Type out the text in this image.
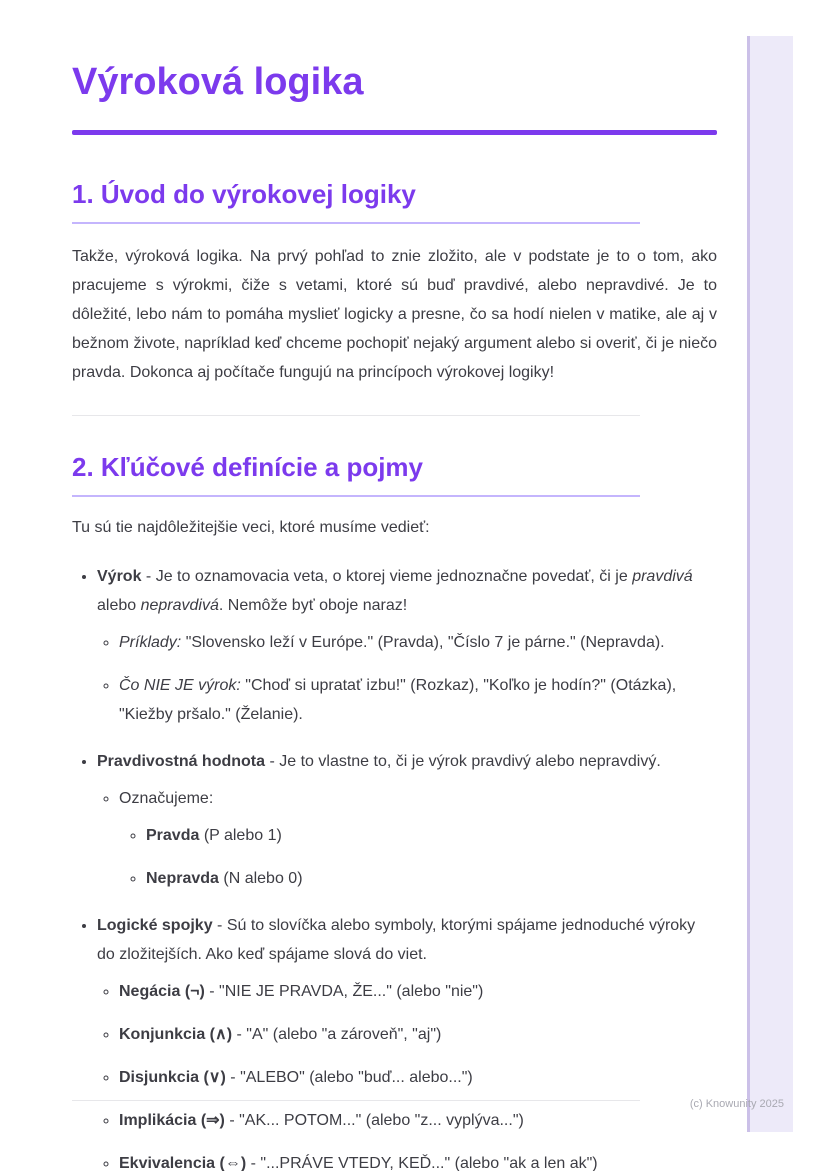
Výroková logika
1. Úvod do výrokovej logiky

Takže, výroková logika. Na prvý pohľad to znie zložito, ale v podstate je to o tom, ako pracujeme s výrokmi, čiže s vetami, ktoré sú buď pravdivé, alebo nepravdivé. Je to dôležité, lebo nám to pomáha myslieť logicky a presne, čo sa hodí nielen v matike, ale aj v bežnom živote, napríklad keď chceme pochopiť nejaký argument alebo si overiť, či je niečo pravda. Dokonca aj počítače fungujú na princípoch výrokovej logiky!

2. Kľúčové definície a pojmy

Tu sú tie najdôležitejšie veci, ktoré musíme vedieť:

• Výrok - Je to oznamovacia veta, o ktorej vieme jednoznačne povedať, či je pravdivá alebo nepravdivá. Nemôže byť oboje naraz!
◦ Príklady: "Slovensko leží v Európe." (Pravda), "Číslo 7 je párne." (Nepravda).
◦ Čo NIE JE výrok: "Choď si upratať izbu!" (Rozkaz), "Koľko je hodín?" (Otázka), "Kiežby pršalo." (Želanie).
• Pravdivostná hodnota - Je to vlastne to, či je výrok pravdivý alebo nepravdivý.
◦ Označujeme:
◦ Pravda (P alebo 1)
◦ Nepravda (N alebo 0)
• Logické spojky - Sú to slovíčka alebo symboly, ktorými spájame jednoduché výroky do zložitejších. Ako keď spájame slová do viet.
◦ Negácia (¬) - "NIE JE PRAVDA, ŽE..." (alebo "nie")
◦ Konjunkcia (∧) - "A" (alebo "a zároveň", "aj")
◦ Disjunkcia (∨) - "ALEBO" (alebo "buď... alebo...")
◦ Implikácia (⇒) - "AK... POTOM..." (alebo "z... vyplýva...")
◦ Ekvivalencia (⇔) - "...PRÁVE VTEDY, KEĎ..." (alebo "ak a len ak")
(c) Knowunity 2025
